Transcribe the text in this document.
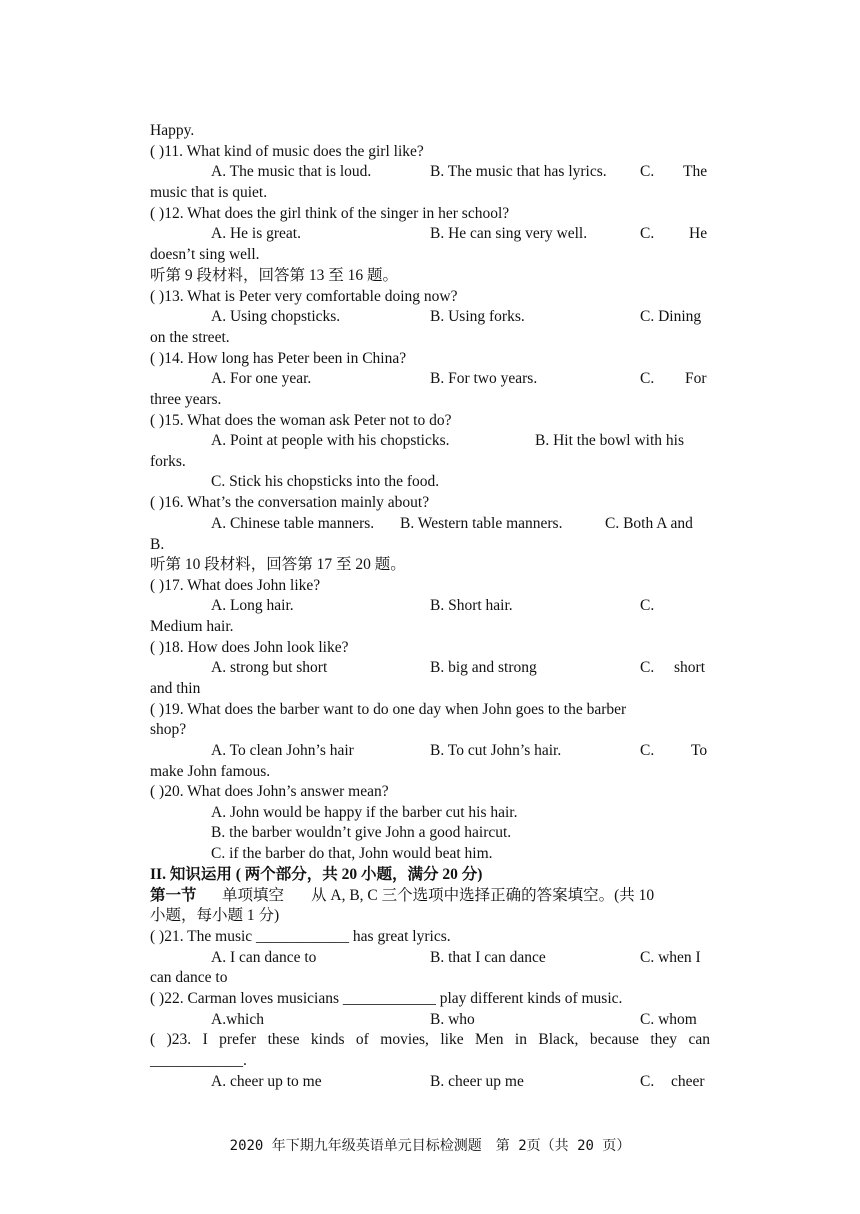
Happy.
( )11. What kind of music does the girl like?
A. The music that is loud.	B. The music that has lyrics. C. The
music that is quiet.
( )12. What does the girl think of the singer in her school?
A. He is great.	B. He can sing very well.	C. He
doesn’t sing well.
听第 9 段材料，回答第 13 至 16 题。
( )13. What is Peter very comfortable doing now?
A. Using chopsticks.	B. Using forks.	C. Dining
on the street.
( )14. How long has Peter been in China?
A. For one year.	B. For two years.	C. For
three years.
( )15. What does the woman ask Peter not to do?
A. Point at people with his chopsticks.	B. Hit the bowl with his
forks.
C. Stick his chopsticks into the food.
( )16. What’s the conversation mainly about?
A. Chinese table manners. B. Western table manners.	C. Both A and
B.
听第 10 段材料，回答第 17 至 20 题。
( )17. What does John like?
A. Long hair.	B. Short hair.	C.
Medium hair.
( )18. How does John look like?
A. strong but short	B. big and strong	C. short
and thin
( )19. What does the barber want to do one day when John goes to the barber
shop?
A. To clean John’s hair	B. To cut John’s hair.	C. To
make John famous.
( )20. What does John’s answer mean?
A. John would be happy if the barber cut his hair.
B. the barber wouldn’t give John a good haircut.
C. if the barber do that, John would beat him.
II. 知识运用 ( 两个部分，共 20 小题，满分 20 分)
第一节 单项填空 从 A, B, C 三个选项中选择正确的答案填空。(共 10
小题，每小题 1 分)
( )21. The music ____________ has great lyrics.
A. I can dance to	B. that I can dance	C. when I
can dance to
( )22. Carman loves musicians ____________ play different kinds of music.
A.which	B. who	C. whom
( )23. I prefer these kinds of movies, like Men in Black, because they can
____________.
A. cheer up to me	B. cheer up me	C. cheer
2020 年下期九年级英语单元目标检测题　第 2页（共 20 页）
